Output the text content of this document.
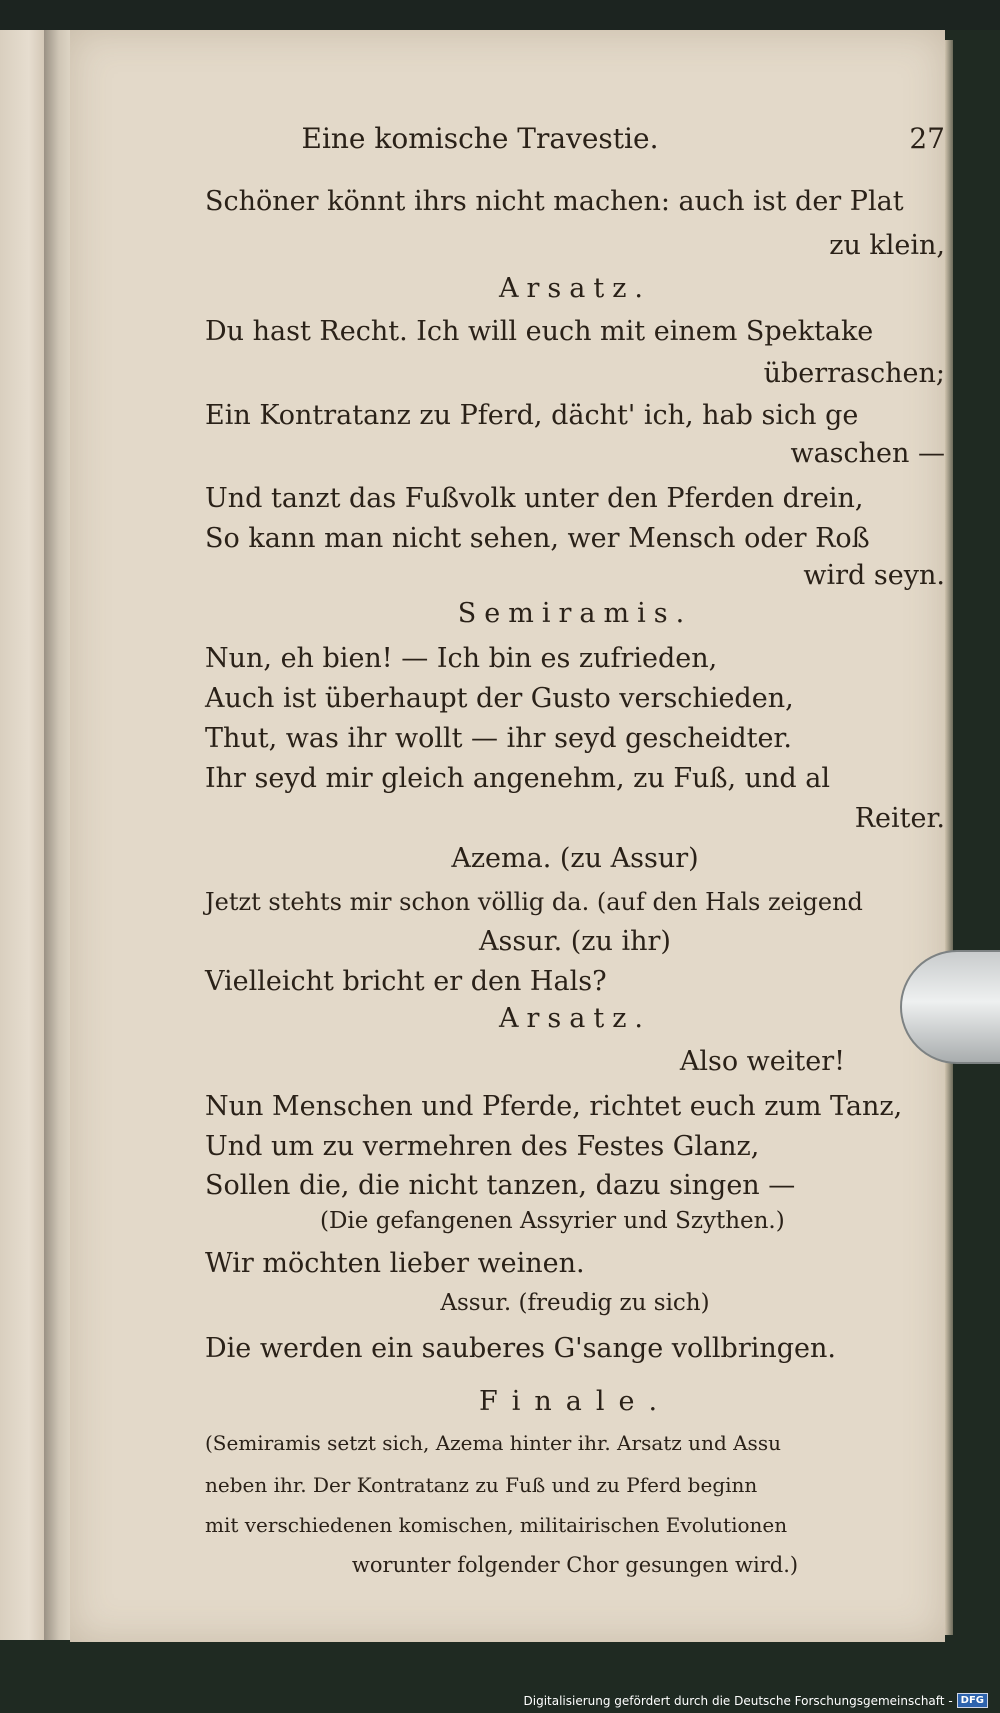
Eine komische Travestie.	27
Schöner könnt ihrs nicht machen: auch ist der Plat
zu klein,
Arsatz.
Du hast Recht. Ich will euch mit einem Spektake
überraschen;
Ein Kontratanz zu Pferd, dächt' ich, hab sich ge
waschen —
Und tanzt das Fußvolk unter den Pferden drein,
So kann man nicht sehen, wer Mensch oder Roß
wird seyn.
Semiramis.
Nun, eh bien! — Ich bin es zufrieden,
Auch ist überhaupt der Gusto verschieden,
Thut, was ihr wollt — ihr seyd gescheidter.
Ihr seyd mir gleich angenehm, zu Fuß, und al
Reiter.
Azema. (zu Assur)
Jetzt stehts mir schon völlig da. (auf den Hals zeigend
Assur. (zu ihr)
Vielleicht bricht er den Hals?
Arsatz.
Also weiter!
Nun Menschen und Pferde, richtet euch zum Tanz,
Und um zu vermehren des Festes Glanz,
Sollen die, die nicht tanzen, dazu singen —
(Die gefangenen Assyrier und Szythen.)
Wir möchten lieber weinen.
Assur. (freudig zu sich)
Die werden ein sauberes G'sange vollbringen.
Finale.
(Semiramis setzt sich, Azema hinter ihr. Arsatz und Assu
neben ihr. Der Kontratanz zu Fuß und zu Pferd beginn
mit verschiedenen komischen, militairischen Evolutionen
worunter folgender Chor gesungen wird.)
Digitalisierung gefördert durch die Deutsche Forschungsgemeinschaft - DFG
